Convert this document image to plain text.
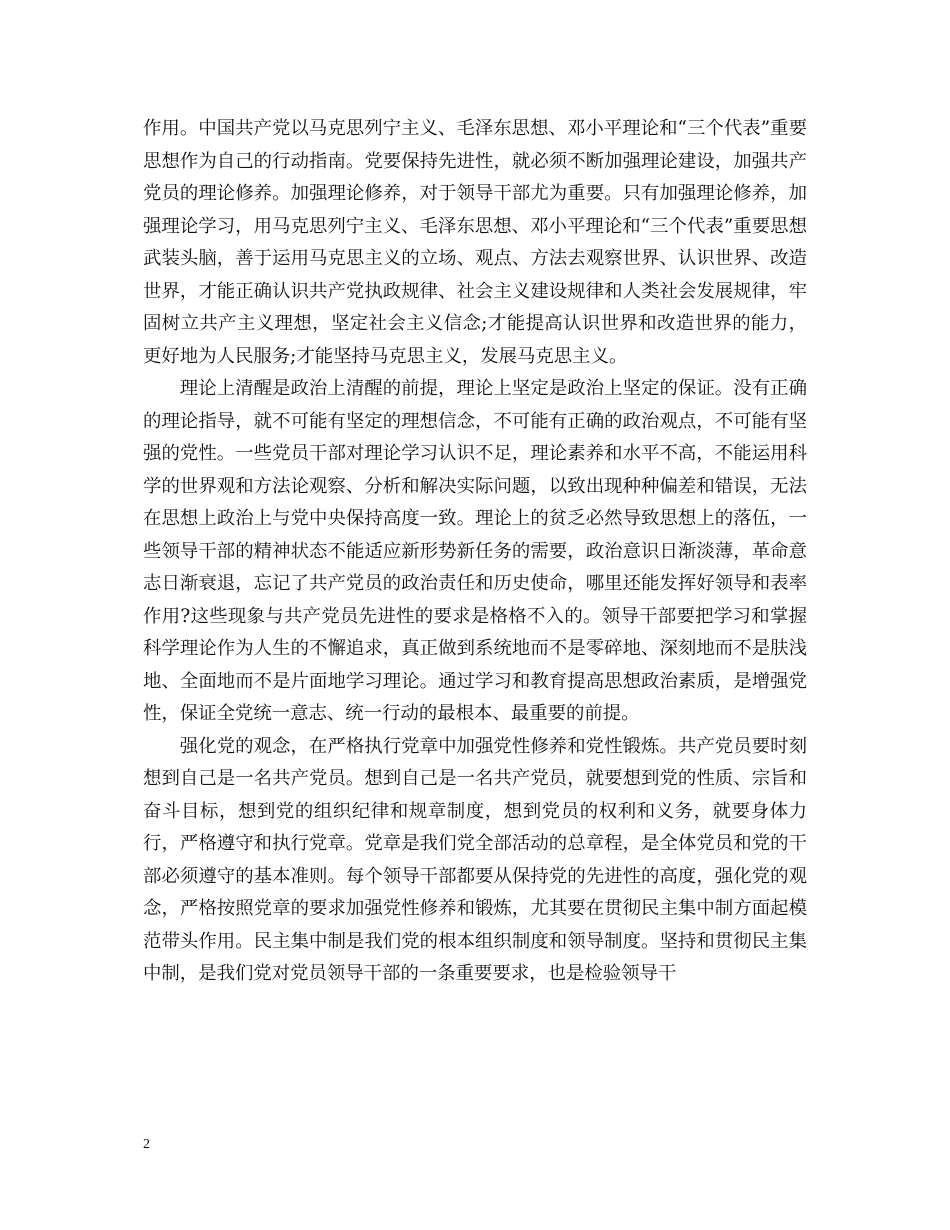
作用。中国共产党以马克思列宁主义、毛泽东思想、邓小平理论和“三个代表”重要思想作为自己的行动指南。党要保持先进性，就必须不断加强理论建设，加强共产党员的理论修养。加强理论修养，对于领导干部尤为重要。只有加强理论修养，加强理论学习，用马克思列宁主义、毛泽东思想、邓小平理论和“三个代表”重要思想武装头脑，善于运用马克思主义的立场、观点、方法去观察世界、认识世界、改造世界，才能正确认识共产党执政规律、社会主义建设规律和人类社会发展规律，牢固树立共产主义理想，坚定社会主义信念;才能提高认识世界和改造世界的能力，更好地为人民服务;才能坚持马克思主义，发展马克思主义。

理论上清醒是政治上清醒的前提，理论上坚定是政治上坚定的保证。没有正确的理论指导，就不可能有坚定的理想信念，不可能有正确的政治观点，不可能有坚强的党性。一些党员干部对理论学习认识不足，理论素养和水平不高，不能运用科学的世界观和方法论观察、分析和解决实际问题，以致出现种种偏差和错误，无法在思想上政治上与党中央保持高度一致。理论上的贫乏必然导致思想上的落伍，一些领导干部的精神状态不能适应新形势新任务的需要，政治意识日渐淡薄，革命意志日渐衰退，忘记了共产党员的政治责任和历史使命，哪里还能发挥好领导和表率作用?这些现象与共产党员先进性的要求是格格不入的。领导干部要把学习和掌握科学理论作为人生的不懈追求，真正做到系统地而不是零碎地、深刻地而不是肤浅地、全面地而不是片面地学习理论。通过学习和教育提高思想政治素质，是增强党性，保证全党统一意志、统一行动的最根本、最重要的前提。

强化党的观念，在严格执行党章中加强党性修养和党性锻炼。共产党员要时刻想到自己是一名共产党员。想到自己是一名共产党员，就要想到党的性质、宗旨和奋斗目标，想到党的组织纪律和规章制度，想到党员的权利和义务，就要身体力行，严格遵守和执行党章。党章是我们党全部活动的总章程，是全体党员和党的干部必须遵守的基本准则。每个领导干部都要从保持党的先进性的高度，强化党的观念，严格按照党章的要求加强党性修养和锻炼，尤其要在贯彻民主集中制方面起模范带头作用。民主集中制是我们党的根本组织制度和领导制度。坚持和贯彻民主集中制，是我们党对党员领导干部的一条重要要求，也是检验领导干

2
